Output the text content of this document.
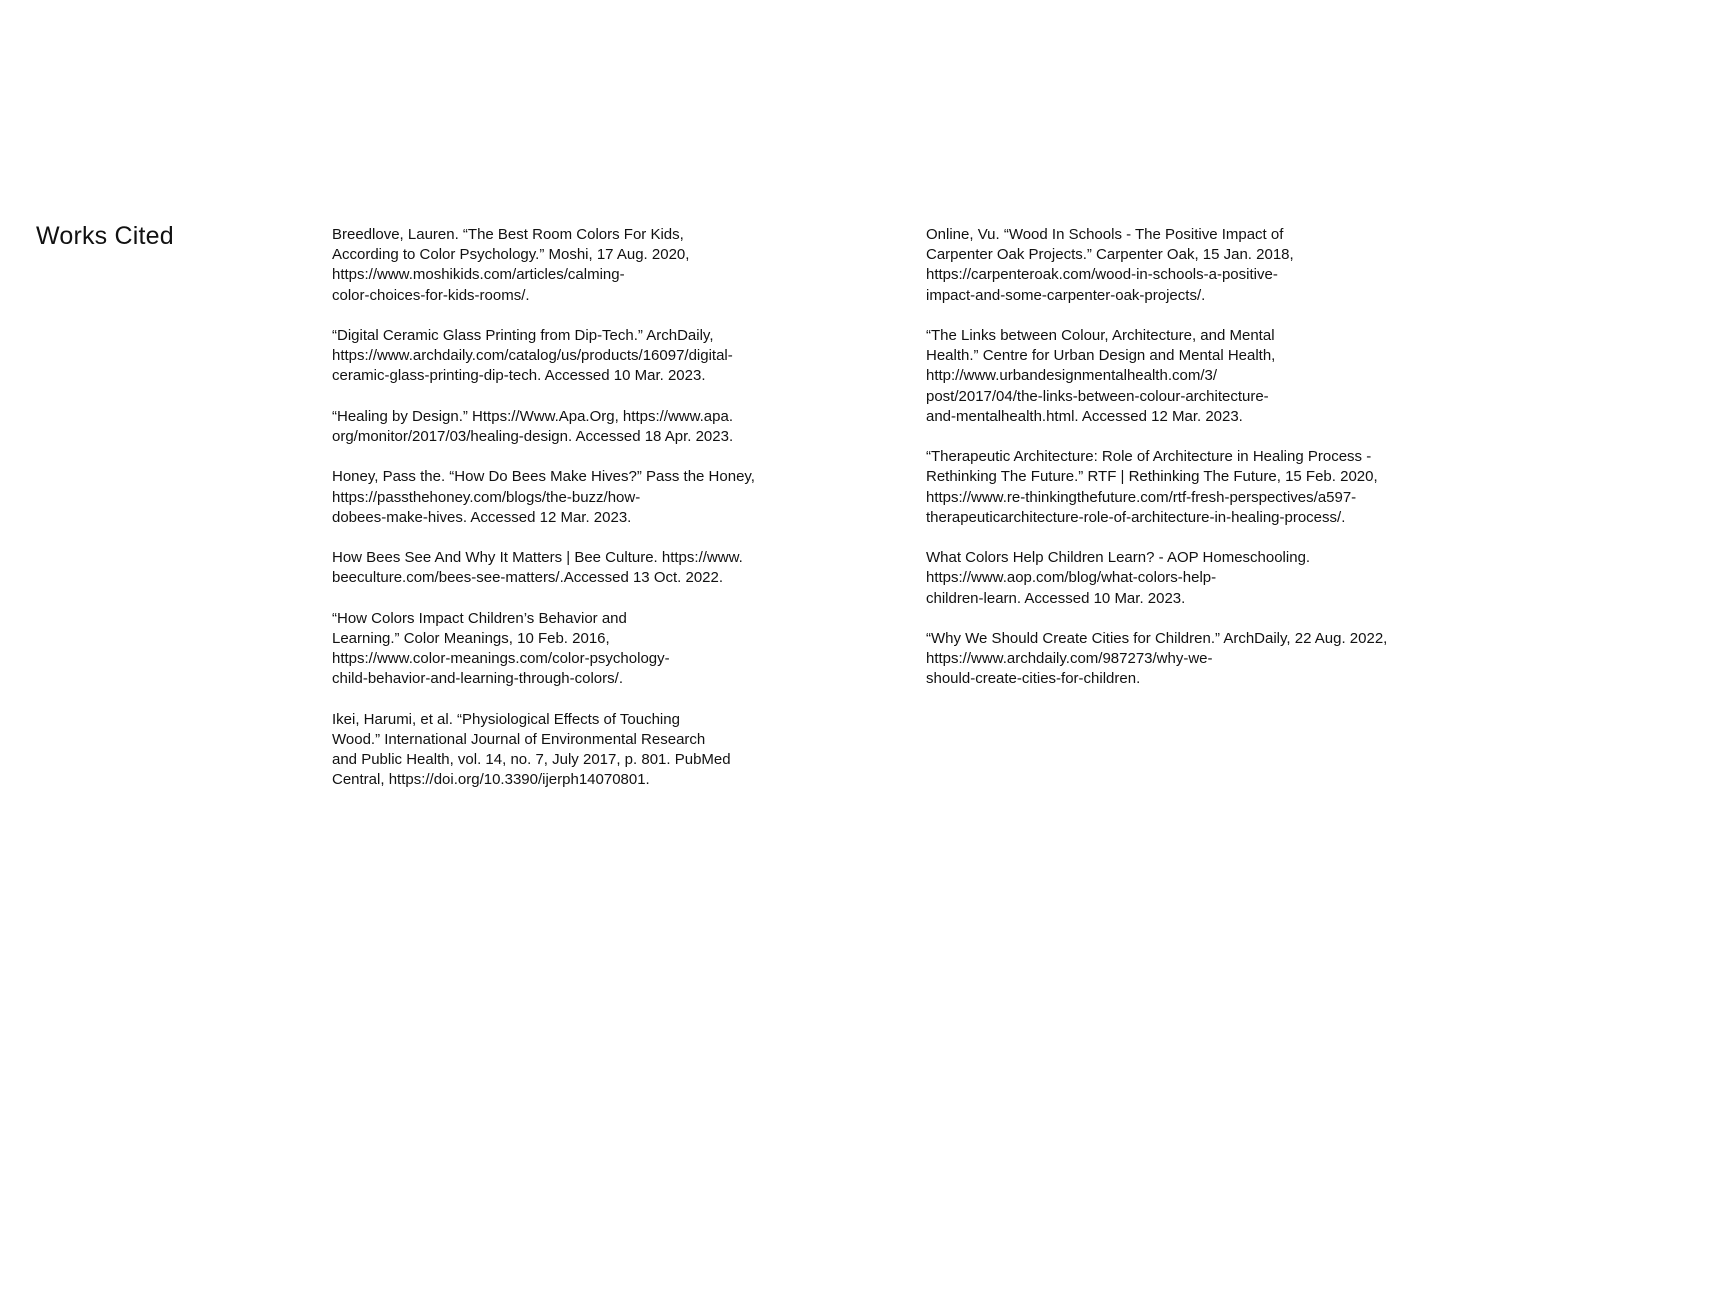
Works Cited	Breedlove, Lauren. “The Best Room Colors For Kids,
According to Color Psychology.” Moshi, 17 Aug. 2020,
https://www.moshikids.com/articles/calming-
color-choices-for-kids-rooms/.

“Digital Ceramic Glass Printing from Dip-Tech.” ArchDaily,
https://www.archdaily.com/catalog/us/products/16097/digital-
ceramic-glass-printing-dip-tech. Accessed 10 Mar. 2023.

“Healing by Design.” Https://Www.Apa.Org, https://www.apa.
org/monitor/2017/03/healing-design. Accessed 18 Apr. 2023.

Honey, Pass the. “How Do Bees Make Hives?” Pass the Honey,
https://passthehoney.com/blogs/the-buzz/how-
dobees-make-hives. Accessed 12 Mar. 2023.

How Bees See And Why It Matters | Bee Culture. https://www.
beeculture.com/bees-see-matters/.Accessed 13 Oct. 2022.

“How Colors Impact Children’s Behavior and
Learning.” Color Meanings, 10 Feb. 2016,
https://www.color-meanings.com/color-psychology-
child-behavior-and-learning-through-colors/.

Ikei, Harumi, et al. “Physiological Effects of Touching
Wood.” International Journal of Environmental Research
and Public Health, vol. 14, no. 7, July 2017, p. 801. PubMed
Central, https://doi.org/10.3390/ijerph14070801.

Online, Vu. “Wood In Schools - The Positive Impact of
Carpenter Oak Projects.” Carpenter Oak, 15 Jan. 2018,
https://carpenteroak.com/wood-in-schools-a-positive-
impact-and-some-carpenter-oak-projects/.

“The Links between Colour, Architecture, and Mental
Health.” Centre for Urban Design and Mental Health,
http://www.urbandesignmentalhealth.com/3/
post/2017/04/the-links-between-colour-architecture-
and-mentalhealth.html. Accessed 12 Mar. 2023.

“Therapeutic Architecture: Role of Architecture in Healing Process -
Rethinking The Future.” RTF | Rethinking The Future, 15 Feb. 2020,
https://www.re-thinkingthefuture.com/rtf-fresh-perspectives/a597-
therapeuticarchitecture-role-of-architecture-in-healing-process/.

What Colors Help Children Learn? - AOP Homeschooling.
https://www.aop.com/blog/what-colors-help-
children-learn. Accessed 10 Mar. 2023.

“Why We Should Create Cities for Children.” ArchDaily, 22 Aug. 2022,
https://www.archdaily.com/987273/why-we-
should-create-cities-for-children.
